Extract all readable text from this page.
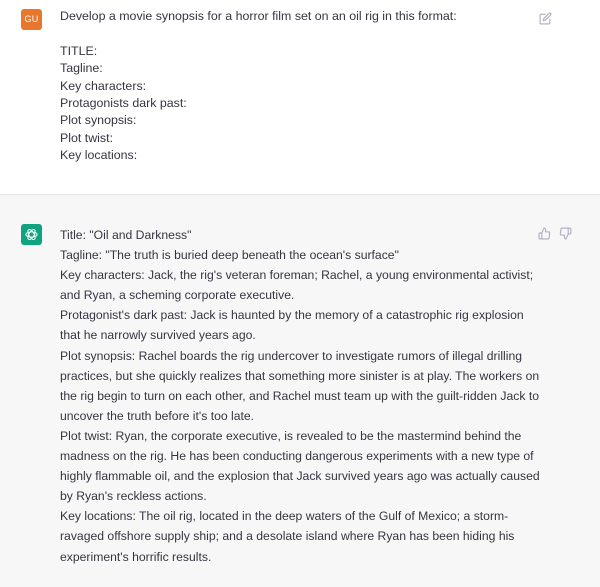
GU Develop a movie synopsis for a horror film set on an oil rig in this format:
TITLE:
Tagline:
Key characters:
Protagonists dark past:
Plot synopsis:
Plot twist:
Key locations:
Title: "Oil and Darkness"
Tagline: "The truth is buried deep beneath the ocean's surface"
Key characters: Jack, the rig's veteran foreman; Rachel, a young environmental activist;
and Ryan, a scheming corporate executive.
Protagonist's dark past: Jack is haunted by the memory of a catastrophic rig explosion
that he narrowly survived years ago.
Plot synopsis: Rachel boards the rig undercover to investigate rumors of illegal drilling
practices, but she quickly realizes that something more sinister is at play. The workers on
the rig begin to turn on each other, and Rachel must team up with the guilt-ridden Jack to
uncover the truth before it's too late.
Plot twist: Ryan, the corporate executive, is revealed to be the mastermind behind the
madness on the rig. He has been conducting dangerous experiments with a new type of
highly flammable oil, and the explosion that Jack survived years ago was actually caused
by Ryan's reckless actions.
Key locations: The oil rig, located in the deep waters of the Gulf of Mexico; a storm-
ravaged offshore supply ship; and a desolate island where Ryan has been hiding his
experiment's horrific results.
